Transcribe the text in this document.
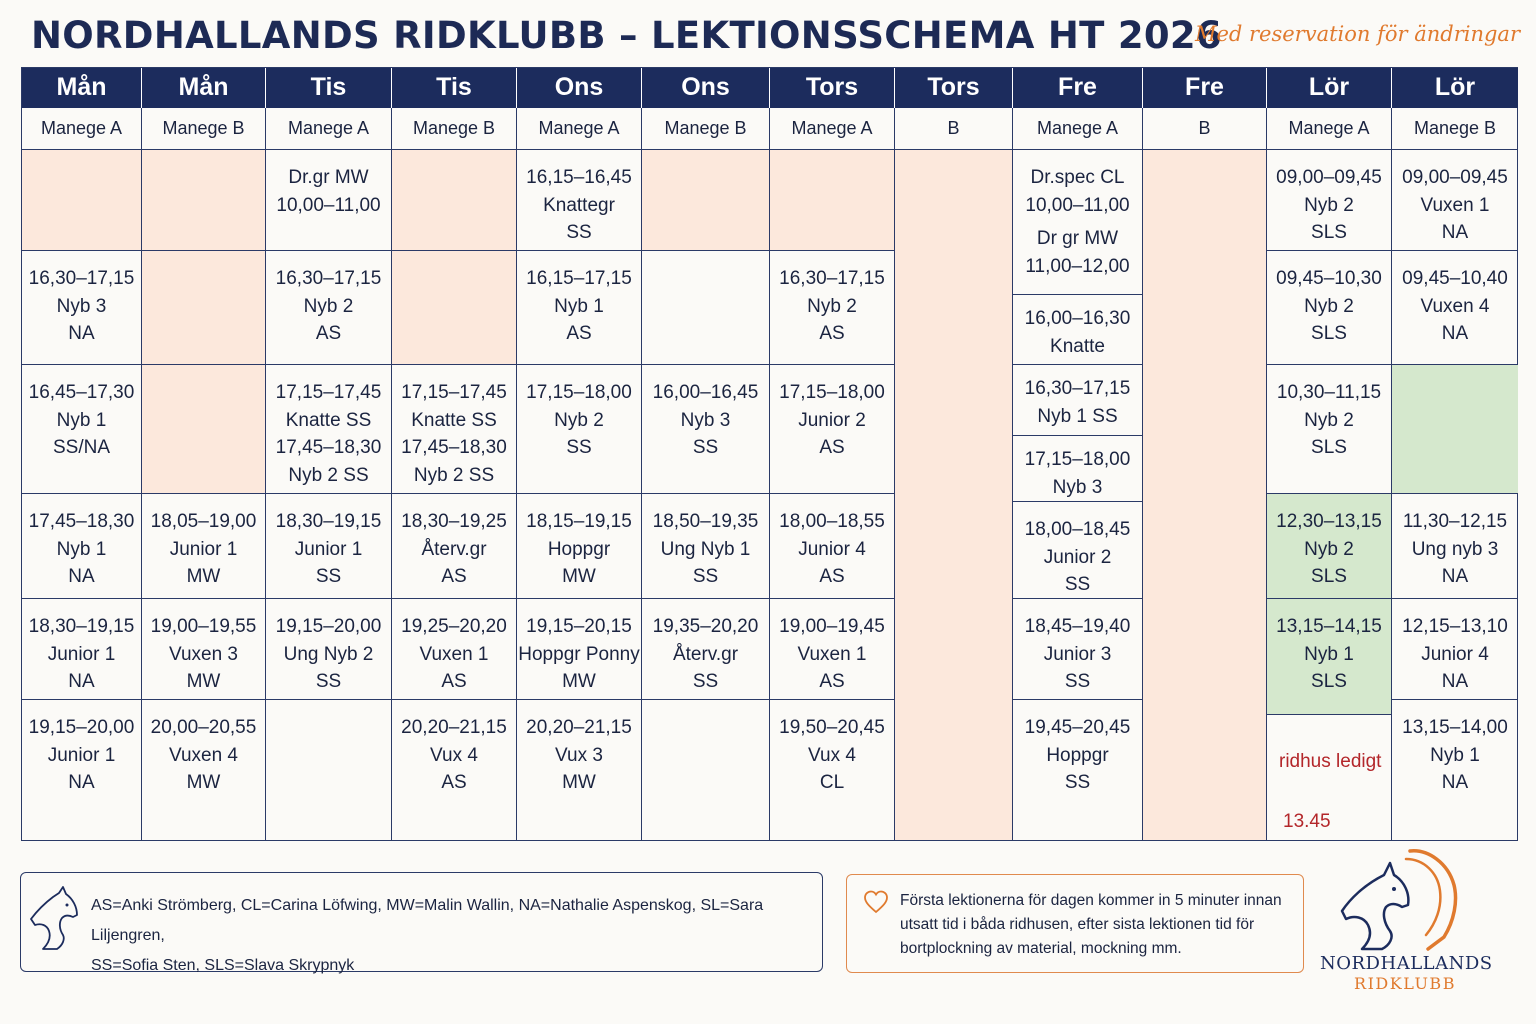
NORDHALLANDS RIDKLUBB – LEKTIONSSCHEMA HT 2026
Med reservation för ändringar
Mån
Manege A
Mån
Manege B
Tis
Manege A
Tis
Manege B
Ons
Manege A
Ons
Manege B
Tors
Manege A
Tors
B
Fre
Manege A
Fre
B
Lör
Manege A
Lör
Manege B
16,30–17,15
Nyb 3
NA
16,45–17,30
Nyb 1
SS/NA
17,45–18,30
Nyb 1
NA
18,30–19,15
Junior 1
NA
19,15–20,00
Junior 1
NA
18,05–19,00
Junior 1
MW
19,00–19,55
Vuxen 3
MW
20,00–20,55
Vuxen 4
MW
Dr.gr MW
10,00–11,00
16,30–17,15
Nyb 2
AS
17,15–17,45
Knatte SS
17,45–18,30
Nyb 2 SS
18,30–19,15
Junior 1
SS
19,15–20,00
Ung Nyb 2
SS
17,15–17,45
Knatte SS
17,45–18,30
Nyb 2 SS
18,30–19,25
Återv.gr
AS
19,25–20,20
Vuxen 1
AS
20,20–21,15
Vux 4
AS
16,15–16,45
Knattegr
SS
16,15–17,15
Nyb 1
AS
17,15–18,00
Nyb 2
SS
18,15–19,15
Hoppgr
MW
19,15–20,15
Hoppgr Ponny
MW
20,20–21,15
Vux 3
MW
16,00–16,45
Nyb 3
SS
18,50–19,35
Ung Nyb 1
SS
19,35–20,20
Återv.gr
SS
16,30–17,15
Nyb 2
AS
17,15–18,00
Junior 2
AS
18,00–18,55
Junior 4
AS
19,00–19,45
Vuxen 1
AS
19,50–20,45
Vux 4
CL
Dr.spec CL
10,00–11,00
Dr gr MW
11,00–12,00
16,00–16,30
Knatte
16,30–17,15
Nyb 1 SS
17,15–18,00
Nyb 3
18,00–18,45
Junior 2
SS
18,45–19,40
Junior 3
SS
19,45–20,45
Hoppgr
SS
09,00–09,45
Nyb 2
SLS
09,45–10,30
Nyb 2
SLS
10,30–11,15
Nyb 2
SLS
12,30–13,15
Nyb 2
SLS
13,15–14,15
Nyb 1
SLS
ridhus ledigt

13.45

09,00–09,45
Vuxen 1
NA
09,45–10,40
Vuxen 4
NA
11,30–12,15
Ung nyb 3
NA
12,15–13,10
Junior 4
NA
13,15–14,00
Nyb 1
NA
AS=Anki Strömberg, CL=Carina Löfwing, MW=Malin Wallin, NA=Nathalie Aspenskog, SL=Sara Liljengren,
SS=Sofia Sten, SLS=Slava Skrypnyk
Första lektionerna för dagen kommer in 5 minuter innan
utsatt tid i båda ridhusen, efter sista lektionen tid för
bortplockning av material, mockning mm.
NORDHALLANDS
RIDKLUBB
